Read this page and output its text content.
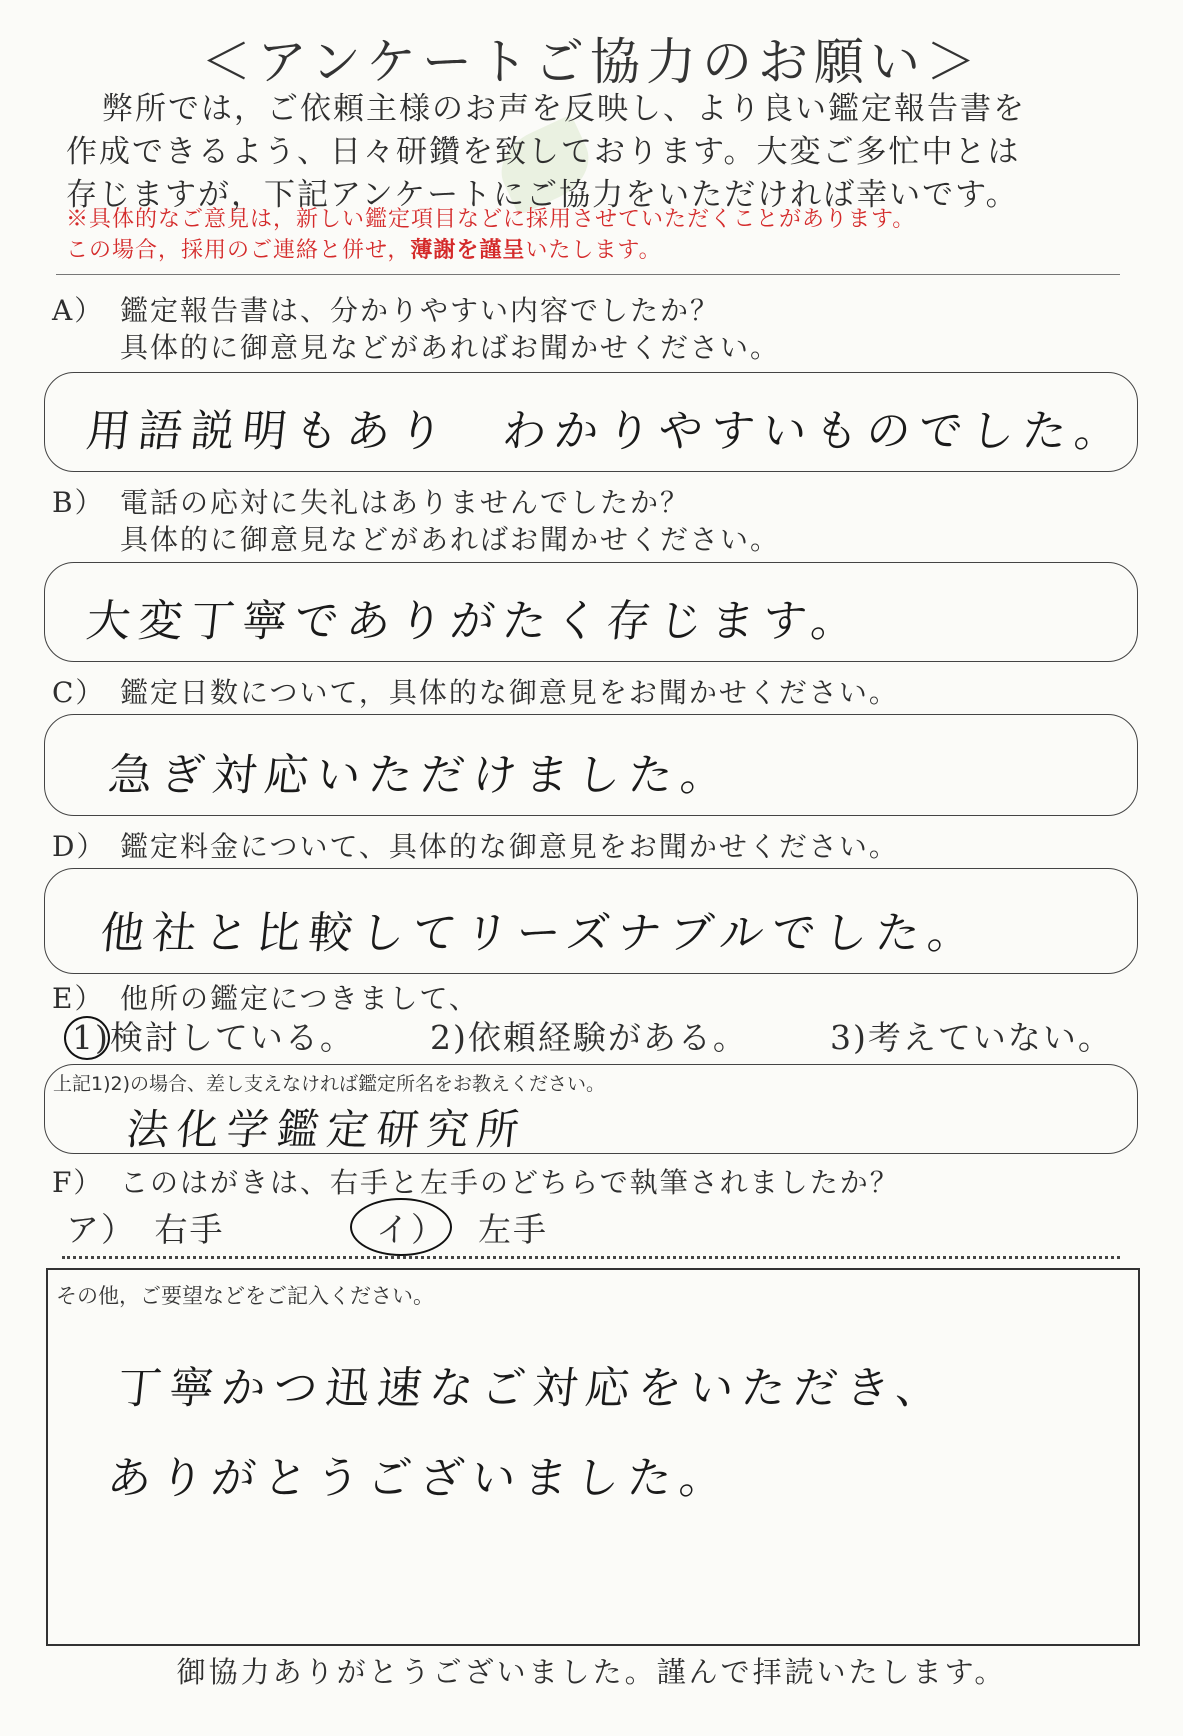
＜アンケートご協力のお願い＞
弊所では，ご依頼主様のお声を反映し、より良い鑑定報告書を
作成できるよう、日々研鑽を致しております。大変ご多忙中とは
存じますが，下記アンケートにご協力をいただければ幸いです。
※具体的なご意見は，新しい鑑定項目などに採用させていただくことがあります。
この場合，採用のご連絡と併せ，薄謝を謹呈いたします。
A） 鑑定報告書は、分かりやすい内容でしたか？
具体的に御意見などがあればお聞かせください。
用語説明もあり　わかりやすいものでした。
B） 電話の応対に失礼はありませんでしたか？
具体的に御意見などがあればお聞かせください。
大変丁寧でありがたく存じます。
C） 鑑定日数について，具体的な御意見をお聞かせください。
急ぎ対応いただけました。
D） 鑑定料金について、具体的な御意見をお聞かせください。
他社と比較してリーズナブルでした。
E） 他所の鑑定につきまして、
1)検討している。 2)依頼経験がある。 3)考えていない。
上記1)2)の場合、差し支えなければ鑑定所名をお教えください。
法化学鑑定研究所
F） このはがきは、右手と左手のどちらで執筆されましたか？
ア）　右手	イ） 左手
その他，ご要望などをご記入ください。
丁寧かつ迅速なご対応をいただき、
ありがとうございました。
御協力ありがとうございました。謹んで拝読いたします。
